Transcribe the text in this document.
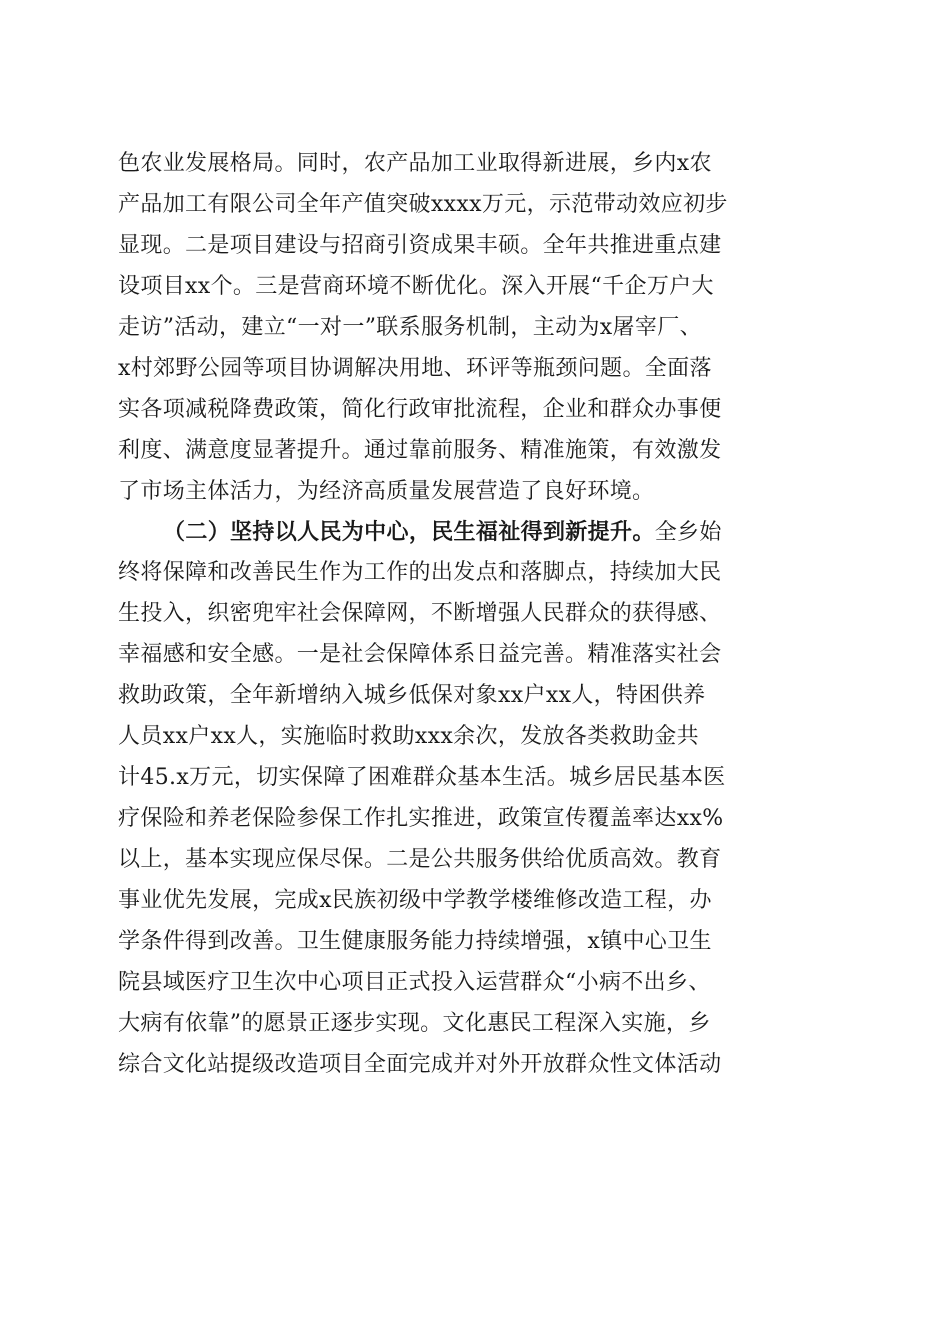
色农业发展格局。同时，农产品加工业取得新进展，乡内x农
产品加工有限公司全年产值突破xxxx万元，示范带动效应初步
显现。二是项目建设与招商引资成果丰硕。全年共推进重点建
设项目xx个。三是营商环境不断优化。深入开展“千企万户大
走访”活动，建立“一对一”联系服务机制，主动为x屠宰厂、
x村郊野公园等项目协调解决用地、环评等瓶颈问题。全面落
实各项减税降费政策，简化行政审批流程，企业和群众办事便
利度、满意度显著提升。通过靠前服务、精准施策，有效激发
了市场主体活力，为经济高质量发展营造了良好环境。
（二）坚持以人民为中心，民生福祉得到新提升。全乡始
终将保障和改善民生作为工作的出发点和落脚点，持续加大民
生投入，织密兜牢社会保障网，不断增强人民群众的获得感、
幸福感和安全感。一是社会保障体系日益完善。精准落实社会
救助政策，全年新增纳入城乡低保对象xx户xx人，特困供养
人员xx户xx人，实施临时救助xxx余次，发放各类救助金共
计45.x万元，切实保障了困难群众基本生活。城乡居民基本医
疗保险和养老保险参保工作扎实推进，政策宣传覆盖率达xx%
以上，基本实现应保尽保。二是公共服务供给优质高效。教育
事业优先发展，完成x民族初级中学教学楼维修改造工程，办
学条件得到改善。卫生健康服务能力持续增强，x镇中心卫生
院县域医疗卫生次中心项目正式投入运营群众“小病不出乡、
大病有依靠”的愿景正逐步实现。文化惠民工程深入实施，乡
综合文化站提级改造项目全面完成并对外开放群众性文体活动
